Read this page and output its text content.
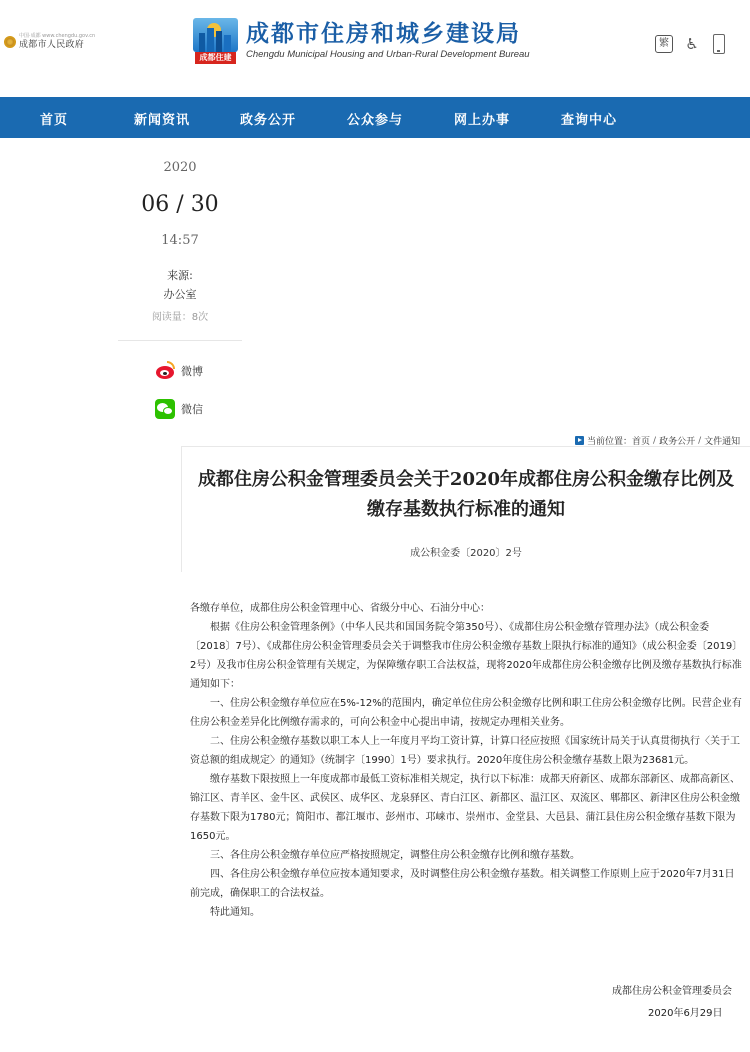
中国·成都 www.chengdu.gov.cn
成都市人民政府
成都住建
成都市住房和城乡建设局
Chengdu Municipal Housing and Urban-Rural Development Bureau
繁 ♿
首页	新闻资讯	政务公开	公众参与	网上办事	查询中心
2020
06 / 30
14:57
来源:
办公室
阅读量：8次
微博
微信
当前位置： 首页 / 政务公开 / 文件通知
成都住房公积金管理委员会关于2020年成都住房公积金缴存比例及缴存基数执行标准的通知
成公积金委〔2020〕2号

各缴存单位，成都住房公积金管理中心、省级分中心、石油分中心：

根据《住房公积金管理条例》（中华人民共和国国务院令第350号）、《成都住房公积金缴存管理办法》（成公积金委〔2018〕7号）、《成都住房公积金管理委员会关于调整我市住房公积金缴存基数上限执行标准的通知》（成公积金委〔2019〕2号）及我市住房公积金管理有关规定，为保障缴存职工合法权益，现将2020年成都住房公积金缴存比例及缴存基数执行标准通知如下：

一、住房公积金缴存单位应在5%-12%的范围内，确定单位住房公积金缴存比例和职工住房公积金缴存比例。民营企业有住房公积金差异化比例缴存需求的，可向公积金中心提出申请，按规定办理相关业务。

二、住房公积金缴存基数以职工本人上一年度月平均工资计算，计算口径应按照《国家统计局关于认真贯彻执行〈关于工资总额的组成规定〉的通知》（统制字〔1990〕1号）要求执行。2020年度住房公积金缴存基数上限为23681元。

缴存基数下限按照上一年度成都市最低工资标准相关规定，执行以下标准：成都天府新区、成都东部新区、成都高新区、锦江区、青羊区、金牛区、武侯区、成华区、龙泉驿区、青白江区、新都区、温江区、双流区、郫都区、新津区住房公积金缴存基数下限为1780元；简阳市、都江堰市、彭州市、邛崃市、崇州市、金堂县、大邑县、蒲江县住房公积金缴存基数下限为1650元。

三、各住房公积金缴存单位应严格按照规定，调整住房公积金缴存比例和缴存基数。

四、各住房公积金缴存单位应按本通知要求，及时调整住房公积金缴存基数。相关调整工作原则上应于2020年7月31日前完成，确保职工的合法权益。

特此通知。

成都住房公积金管理委员会
2020年6月29日
